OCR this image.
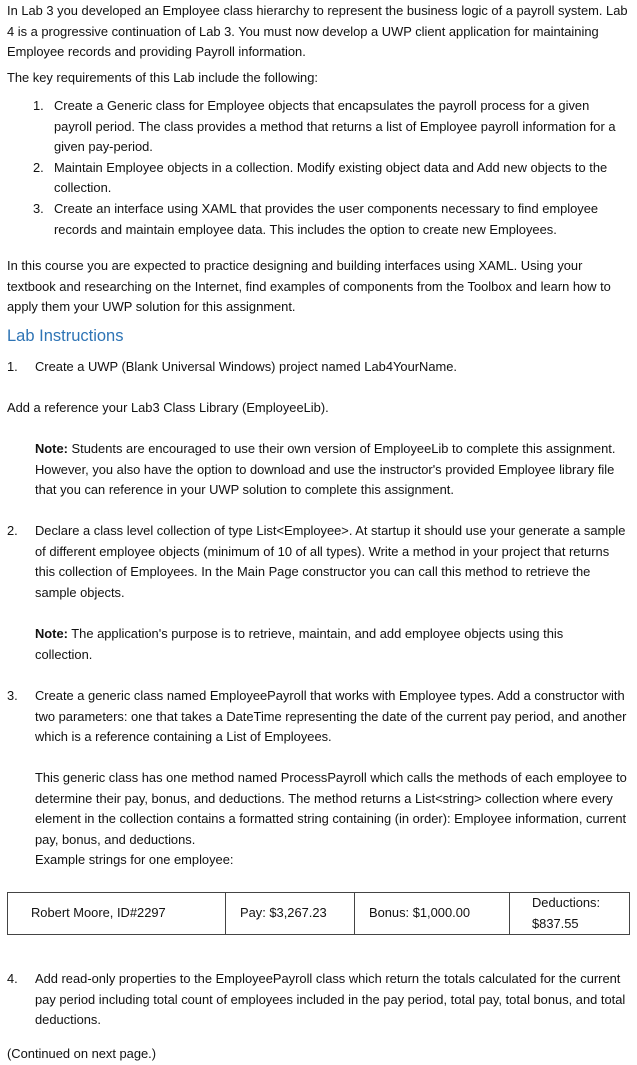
In Lab 3 you developed an Employee class hierarchy to represent the business logic of a payroll system. Lab 4 is a progressive continuation of Lab 3. You must now develop a UWP client application for maintaining Employee records and providing Payroll information.

The key requirements of this Lab include the following:

1. Create a Generic class for Employee objects that encapsulates the payroll process for a given payroll period. The class provides a method that returns a list of Employee payroll information for a given pay-period.
2. Maintain Employee objects in a collection. Modify existing object data and Add new objects to the collection.
3. Create an interface using XAML that provides the user components necessary to find employee records and maintain employee data. This includes the option to create new Employees.

In this course you are expected to practice designing and building interfaces using XAML. Using your textbook and researching on the Internet, find examples of components from the Toolbox and learn how to apply them your UWP solution for this assignment.

Lab Instructions
1. Create a UWP (Blank Universal Windows) project named Lab4YourName.

Add a reference your Lab3 Class Library (EmployeeLib).

Note: Students are encouraged to use their own version of EmployeeLib to complete this assignment. However, you also have the option to download and use the instructor's provided Employee library file that you can reference in your UWP solution to complete this assignment.

2. Declare a class level collection of type List<Employee>. At startup it should use your generate a sample of different employee objects (minimum of 10 of all types). Write a method in your project that returns this collection of Employees. In the Main Page constructor you can call this method to retrieve the sample objects.

Note: The application's purpose is to retrieve, maintain, and add employee objects using this collection.

3. Create a generic class named EmployeePayroll that works with Employee types. Add a constructor with two parameters: one that takes a DateTime representing the date of the current pay period, and another which is a reference containing a List of Employees.

This generic class has one method named ProcessPayroll which calls the methods of each employee to determine their pay, bonus, and deductions. The method returns a List<string> collection where every element in the collection contains a formatted string containing (in order): Employee information, current pay, bonus, and deductions.

Example strings for one employee:

Robert Moore, ID#2297	Pay: $3,267.23	Bonus: $1,000.00	Deductions: $837.55
4. Add read-only properties to the EmployeePayroll class which return the totals calculated for the current pay period including total count of employees included in the pay period, total pay, total bonus, and total deductions.

(Continued on next page.)
